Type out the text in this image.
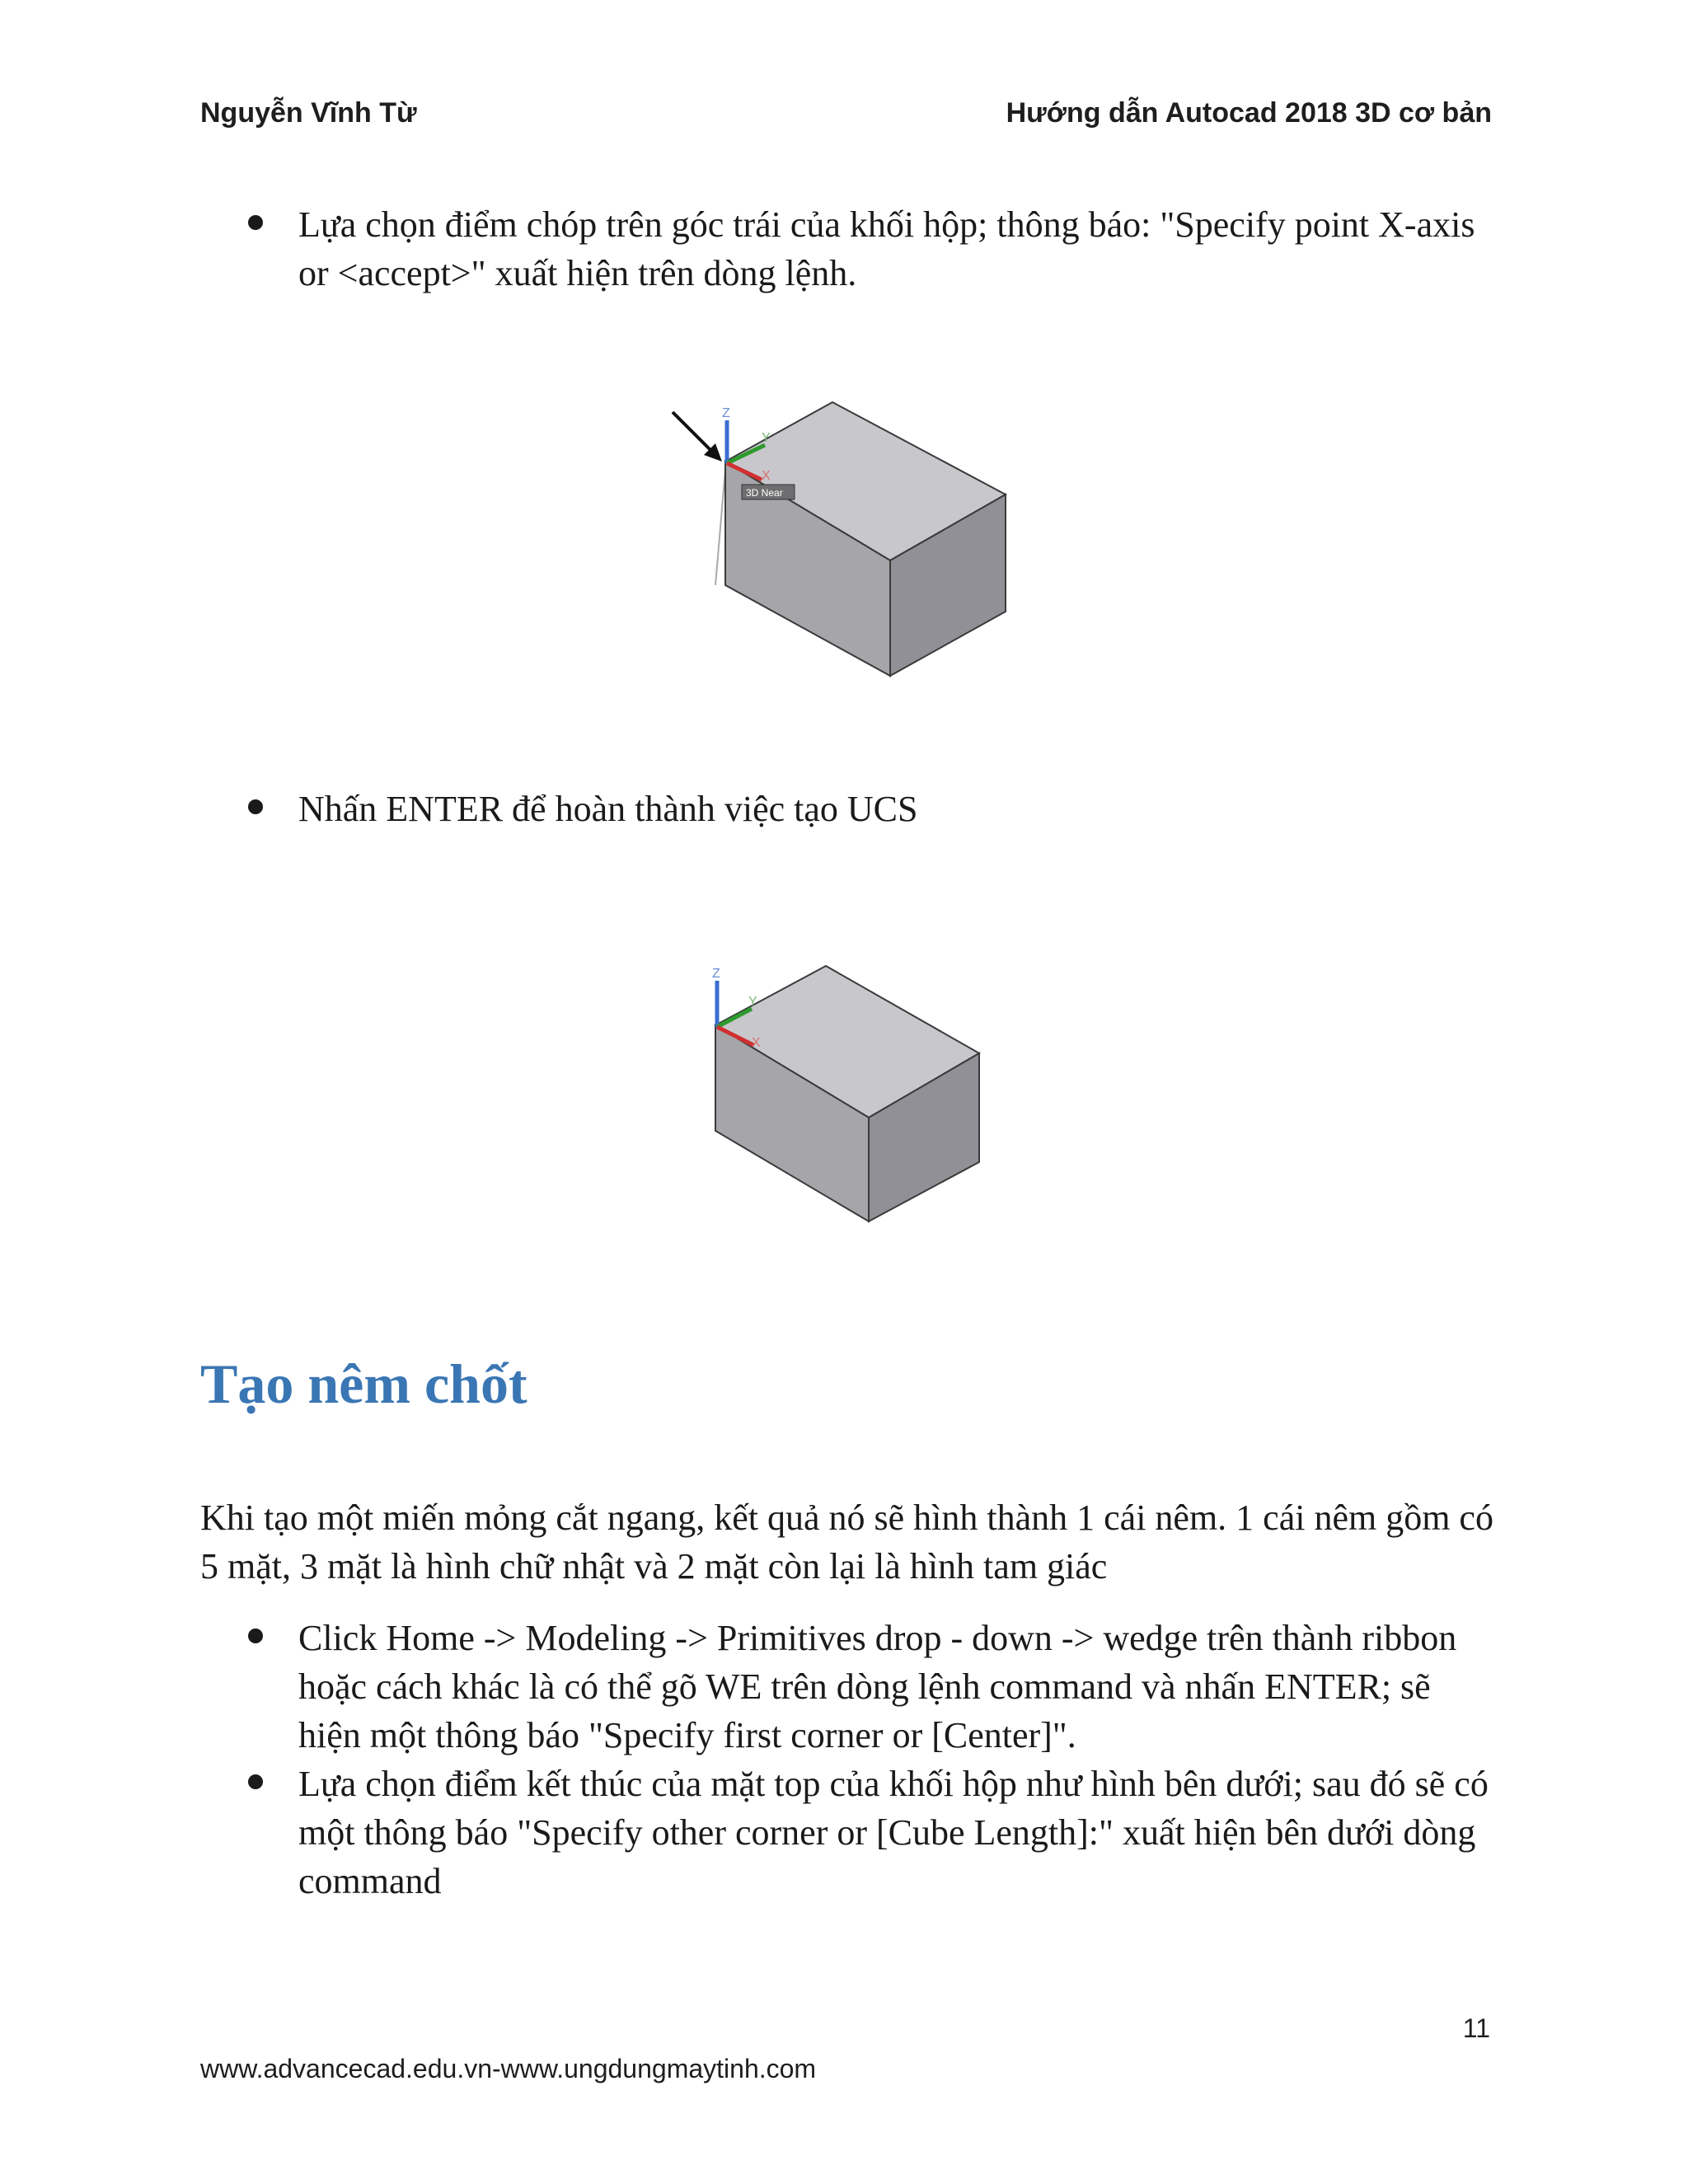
Nguyễn Vĩnh Từ	Hướng dẫn Autocad 2018 3D cơ bản
Lựa chọn điểm chóp trên góc trái của khối hộp; thông báo: "Specify point X-axis or <accept>" xuất hiện trên dòng lệnh.
Z
Y
X
3D Near
Nhấn ENTER để hoàn thành việc tạo UCS
Z
Y
X
Tạo nêm chốt
Khi tạo một miến mỏng cắt ngang, kết quả nó sẽ hình thành 1 cái nêm. 1 cái nêm gồm có 5 mặt, 3 mặt là hình chữ nhật và 2 mặt còn lại là hình tam giác
Click Home -> Modeling -> Primitives drop - down -> wedge trên thành ribbon hoặc cách khác là có thể gõ WE trên dòng lệnh command và nhấn ENTER; sẽ hiện một thông báo "Specify first corner or [Center]".
Lựa chọn điểm kết thúc của mặt top của khối hộp như hình bên dưới; sau đó sẽ có một thông báo "Specify other corner or [Cube Length]:" xuất hiện bên dưới dòng command
11
www.advancecad.edu.vn-www.ungdungmaytinh.com
